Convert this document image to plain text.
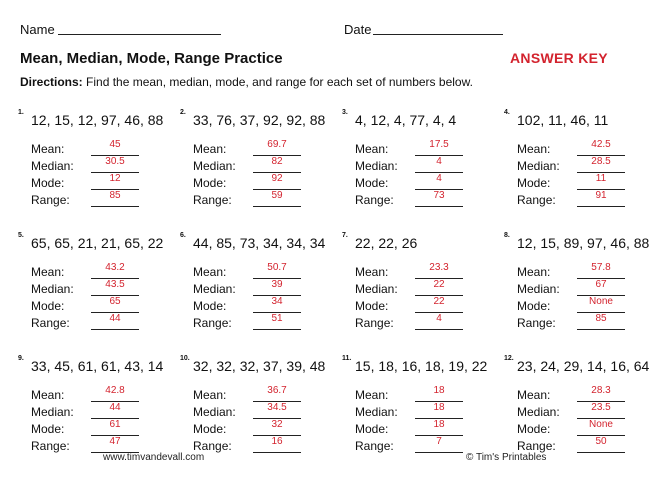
Name	Date
Mean, Median, Mode, Range Practice	ANSWER KEY
Directions: Find the mean, median, mode, and range for each set of numbers below.
1. 12, 15, 12, 97, 46, 88
Mean:	45
Median:	30.5
Mode:	12
Range:	85
2. 33, 76, 37, 92, 92, 88
Mean:	69.7
Median:	82
Mode:	92
Range:	59
3. 4, 12, 4, 77, 4, 4
Mean:	17.5
Median:	4
Mode:	4
Range:	73
4. 102, 11, 46, 11
Mean:	42.5
Median:	28.5
Mode:	11
Range:	91
5. 65, 65, 21, 21, 65, 22
Mean:	43.2
Median:	43.5
Mode:	65
Range:	44
6. 44, 85, 73, 34, 34, 34
Mean:	50.7
Median:	39
Mode:	34
Range:	51
7. 22, 22, 26
Mean:	23.3
Median:	22
Mode:	22
Range:	4
8. 12, 15, 89, 97, 46, 88
Mean:	57.8
Median:	67
Mode:	None
Range:	85
9. 33, 45, 61, 61, 43, 14
Mean:	42.8
Median:	44
Mode:	61
Range:	47
10. 32, 32, 32, 37, 39, 48
Mean:	36.7
Median:	34.5
Mode:	32
Range:	16
11. 15, 18, 16, 18, 19, 22
Mean:	18
Median:	18
Mode:	18
Range:	7
12. 23, 24, 29, 14, 16, 64
Mean:	28.3
Median:	23.5
Mode:	None
Range:	50
www.timvandevall.com	© Tim's Printables
